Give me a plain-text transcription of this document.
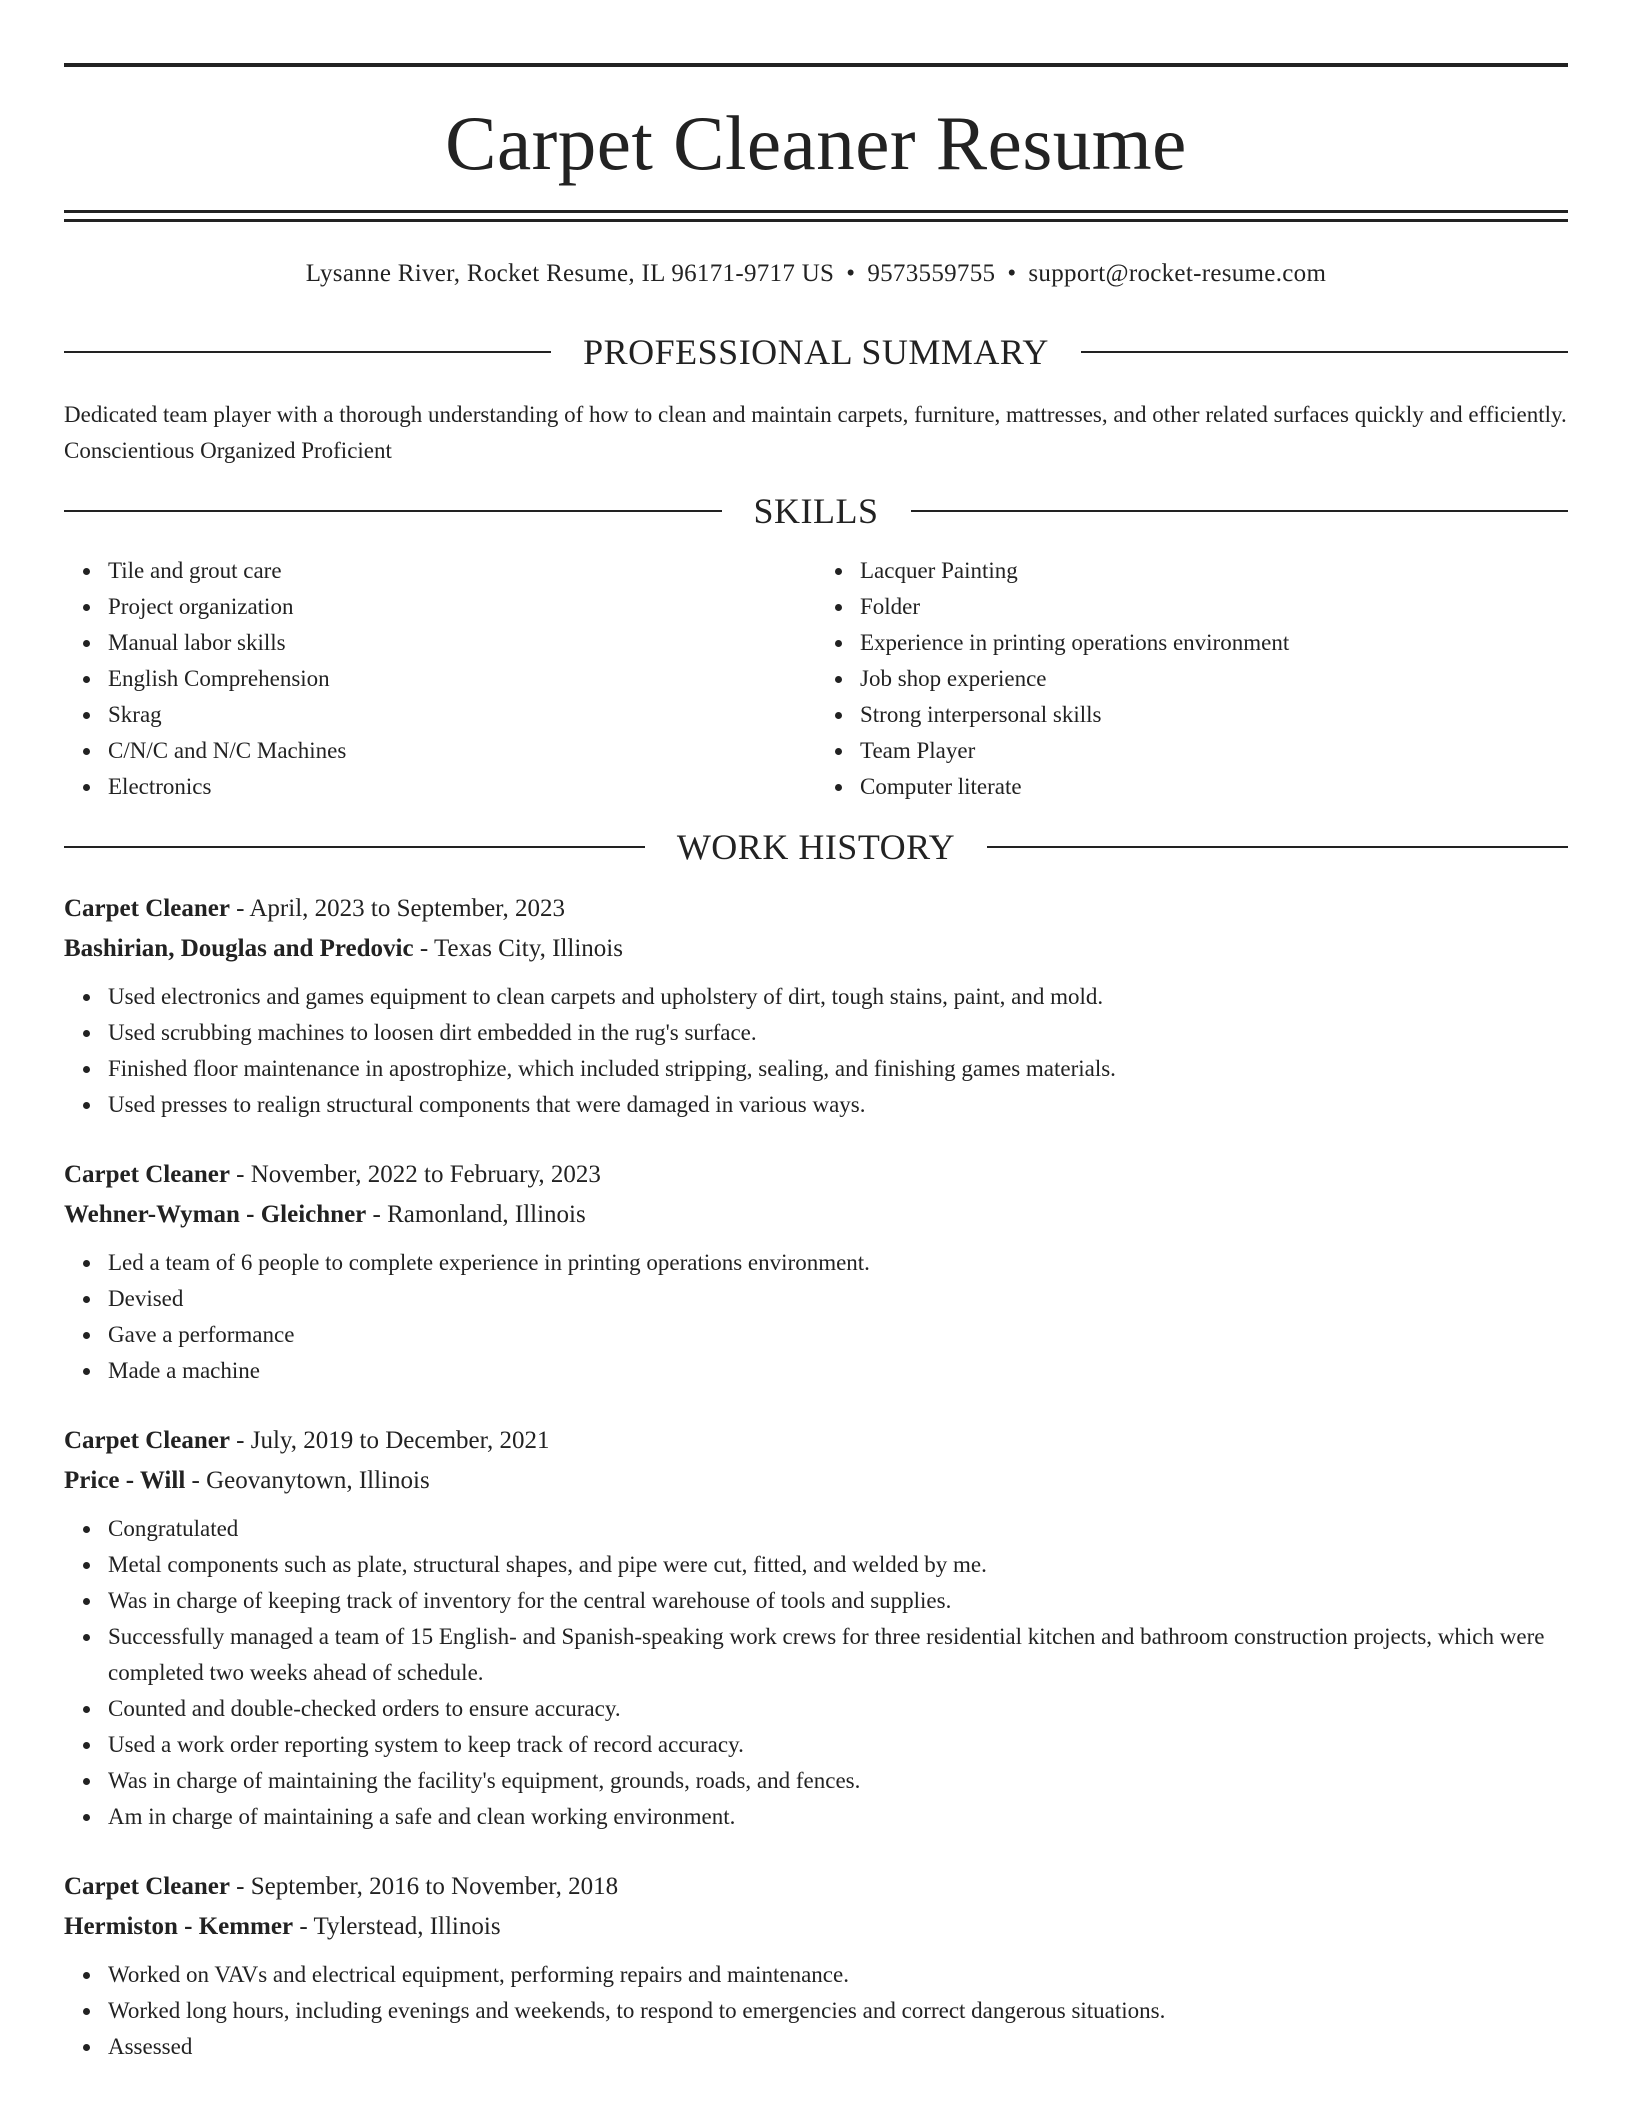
Carpet Cleaner Resume
Lysanne River, Rocket Resume, IL 96171-9717 US • 9573559755 • support@rocket-resume.com
PROFESSIONAL SUMMARY
Dedicated team player with a thorough understanding of how to clean and maintain carpets, furniture, mattresses, and other related surfaces quickly and efficiently. Conscientious Organized Proficient
SKILLS
Tile and grout care
Project organization
Manual labor skills
English Comprehension
Skrag
C/N/C and N/C Machines
Electronics
Lacquer Painting
Folder
Experience in printing operations environment
Job shop experience
Strong interpersonal skills
Team Player
Computer literate
WORK HISTORY
Carpet Cleaner - April, 2023 to September, 2023
Bashirian, Douglas and Predovic - Texas City, Illinois
Used electronics and games equipment to clean carpets and upholstery of dirt, tough stains, paint, and mold.
Used scrubbing machines to loosen dirt embedded in the rug's surface.
Finished floor maintenance in apostrophize, which included stripping, sealing, and finishing games materials.
Used presses to realign structural components that were damaged in various ways.
Carpet Cleaner - November, 2022 to February, 2023
Wehner-Wyman - Gleichner - Ramonland, Illinois
Led a team of 6 people to complete experience in printing operations environment.
Devised
Gave a performance
Made a machine
Carpet Cleaner - July, 2019 to December, 2021
Price - Will - Geovanytown, Illinois
Congratulated
Metal components such as plate, structural shapes, and pipe were cut, fitted, and welded by me.
Was in charge of keeping track of inventory for the central warehouse of tools and supplies.
Successfully managed a team of 15 English- and Spanish-speaking work crews for three residential kitchen and bathroom construction projects, which were completed two weeks ahead of schedule.
Counted and double-checked orders to ensure accuracy.
Used a work order reporting system to keep track of record accuracy.
Was in charge of maintaining the facility's equipment, grounds, roads, and fences.
Am in charge of maintaining a safe and clean working environment.
Carpet Cleaner - September, 2016 to November, 2018
Hermiston - Kemmer - Tylerstead, Illinois
Worked on VAVs and electrical equipment, performing repairs and maintenance.
Worked long hours, including evenings and weekends, to respond to emergencies and correct dangerous situations.
Assessed
